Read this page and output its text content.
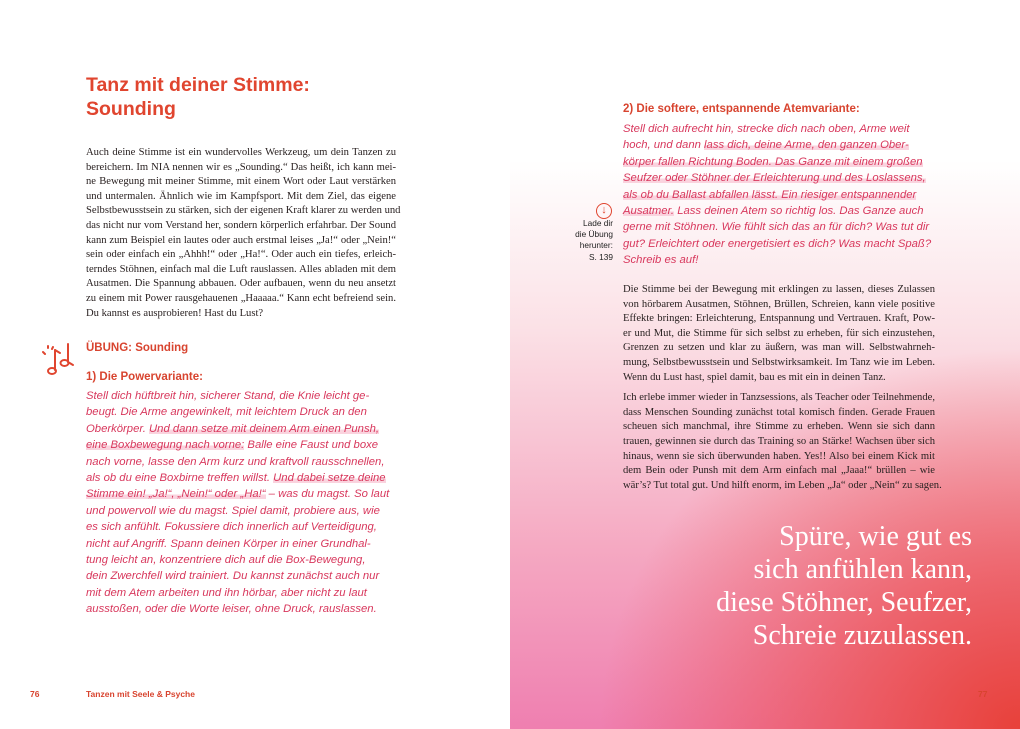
Tanz mit deiner Stimme:
Sounding
Auch deine Stimme ist ein wundervolles Werkzeug, um dein Tanzen zu
bereichern. Im NIA nennen wir es „Sounding.“ Das heißt, ich kann mei-
ne Bewegung mit meiner Stimme, mit einem Wort oder Laut verstärken
und untermalen. Ähnlich wie im Kampfsport. Mit dem Ziel, das eigene
Selbstbewusstsein zu stärken, sich der eigenen Kraft klarer zu werden und
das nicht nur vom Verstand her, sondern körperlich erfahrbar. Der Sound
kann zum Beispiel ein lautes oder auch erstmal leises „Ja!“ oder „Nein!“
sein oder einfach ein „Ahhh!“ oder „Ha!“. Oder auch ein tiefes, erleich-
terndes Stöhnen, einfach mal die Luft rauslassen. Alles abladen mit dem
Ausatmen. Die Spannung abbauen. Oder aufbauen, wenn du neu ansetzt
zu einem mit Power rausgehauenen „Haaaaa.“ Kann echt befreiend sein.
Du kannst es ausprobieren! Hast du Lust?
ÜBUNG: Sounding
1) Die Powervariante:
Stell dich hüftbreit hin, sicherer Stand, die Knie leicht ge-
beugt. Die Arme angewinkelt, mit leichtem Druck an den
Oberkörper. Und dann setze mit deinem Arm einen Punsh,
eine Boxbewegung nach vorne: Balle eine Faust und boxe
nach vorne, lasse den Arm kurz und kraftvoll rausschnellen,
als ob du eine Boxbirne treffen willst. Und dabei setze deine
Stimme ein! „Ja!“, „Nein!“ oder „Ha!“ – was du magst. So laut
und powervoll wie du magst. Spiel damit, probiere aus, wie
es sich anfühlt. Fokussiere dich innerlich auf Verteidigung,
nicht auf Angriff. Spann deinen Körper in einer Grundhal-
tung leicht an, konzentriere dich auf die Box-Bewegung,
dein Zwerchfell wird trainiert. Du kannst zunächst auch nur
mit dem Atem arbeiten und ihn hörbar, aber nicht zu laut
ausstoßen, oder die Worte leiser, ohne Druck, rauslassen.
76	Tanzen mit Seele & Psyche
2) Die softere, entspannende Atemvariante:
Stell dich aufrecht hin, strecke dich nach oben, Arme weit
hoch, und dann lass dich, deine Arme, den ganzen Ober-
körper fallen Richtung Boden. Das Ganze mit einem großen
Seufzer oder Stöhner der Erleichterung und des Loslassens,
als ob du Ballast abfallen lässt. Ein riesiger entspannender
Ausatmer. Lass deinen Atem so richtig los. Das Ganze auch
gerne mit Stöhnen. Wie fühlt sich das an für dich? Was tut dir
gut? Erleichtert oder energetisiert es dich? Was macht Spaß?
Schreib es auf!
↓
Lade dir
die Übung
herunter:
S. 139
Die Stimme bei der Bewegung mit erklingen zu lassen, dieses Zulassen
von hörbarem Ausatmen, Stöhnen, Brüllen, Schreien, kann viele positive
Effekte bringen: Erleichterung, Entspannung und Vertrauen. Kraft, Pow-
er und Mut, die Stimme für sich selbst zu erheben, für sich einzustehen,
Grenzen zu setzen und klar zu äußern, was man will. Selbstwahrneh-
mung, Selbstbewusstsein und Selbstwirksamkeit. Im Tanz wie im Leben.
Wenn du Lust hast, spiel damit, bau es mit ein in deinen Tanz.
Ich erlebe immer wieder in Tanzsessions, als Teacher oder Teilnehmende,
dass Menschen Sounding zunächst total komisch finden. Gerade Frauen
scheuen sich manchmal, ihre Stimme zu erheben. Wenn sie sich dann
trauen, gewinnen sie durch das Training so an Stärke! Wachsen über sich
hinaus, wenn sie sich überwunden haben. Yes!! Also bei einem Kick mit
dem Bein oder Punsh mit dem Arm einfach mal „Jaaa!“ brüllen – wie
wär’s? Tut total gut. Und hilft enorm, im Leben „Ja“ oder „Nein“ zu sagen.
Spüre, wie gut es
sich anfühlen kann,
diese Stöhner, Seufzer,
Schreie zuzulassen.
77
